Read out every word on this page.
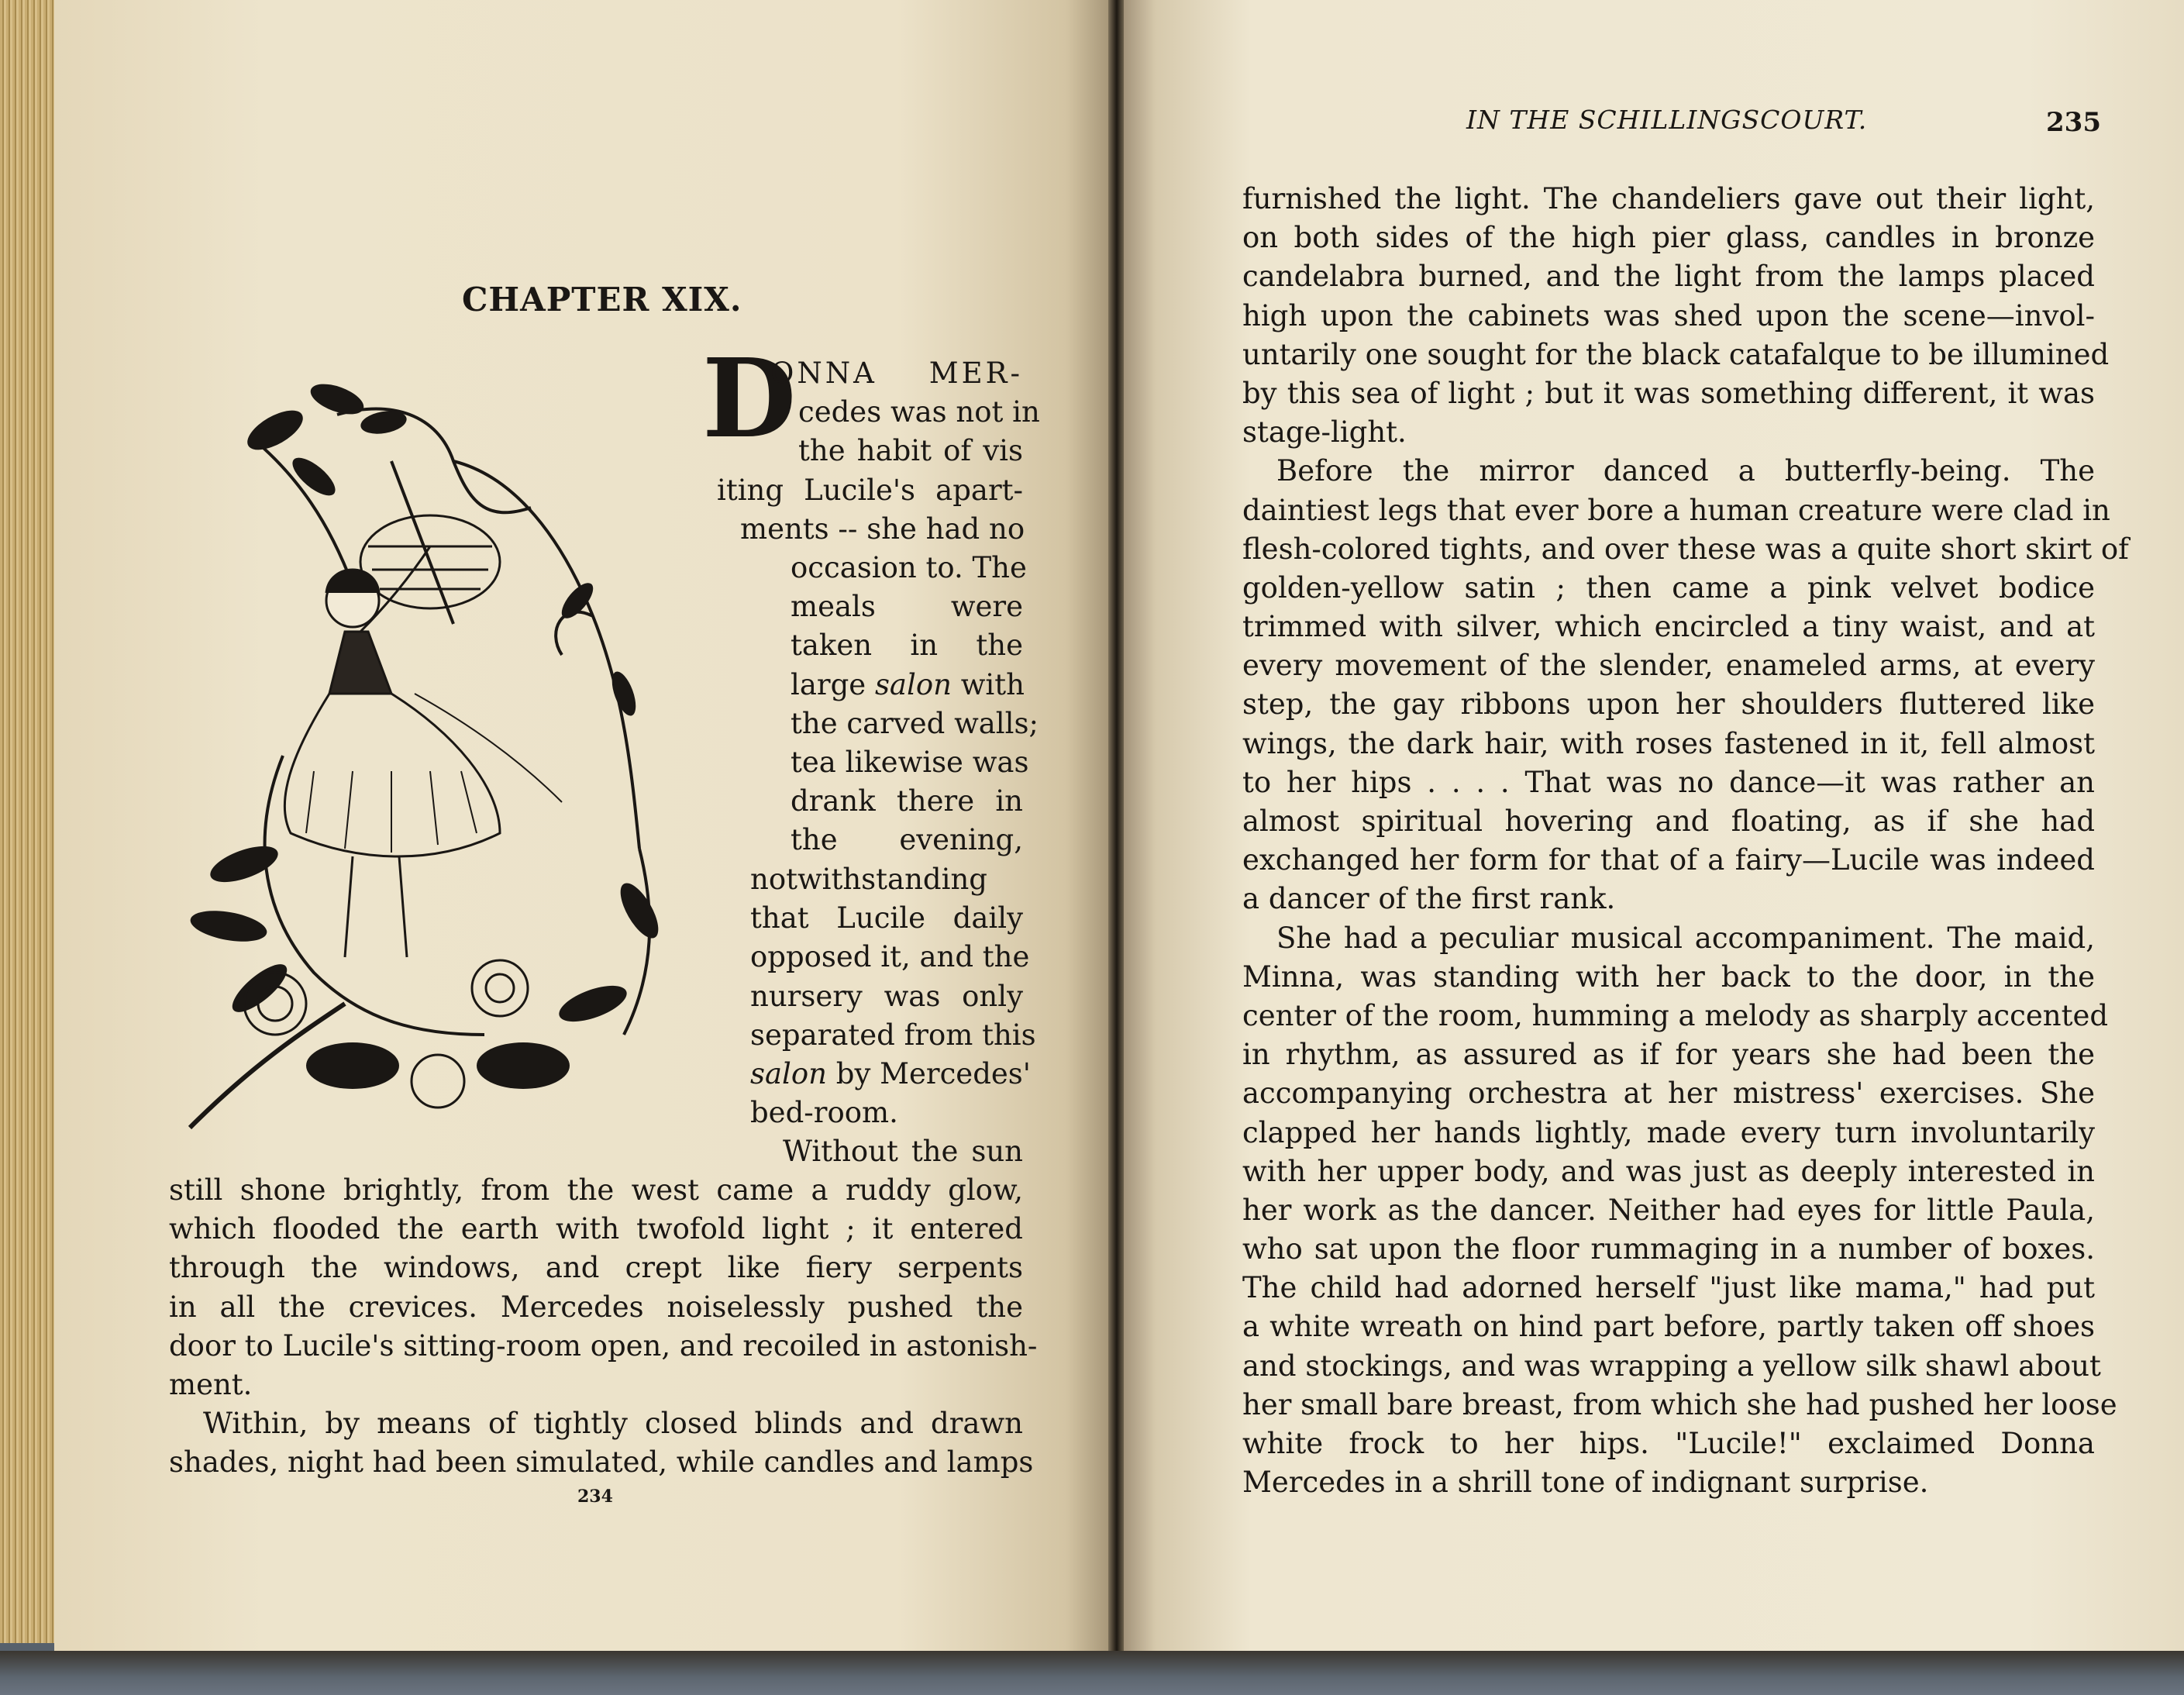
CHAPTER XIX.
D
ONNA MER-
cedes was not in
the habit of vis
iting Lucile's apart-
ments -- she had no
occasion to. The
meals were
taken in the
large salon with
the carved walls;
tea likewise was
drank there in
the evening,
notwithstanding
that Lucile daily
opposed it, and the
nursery was only
separated from this
salon by Mercedes'
bed-room.
Without the sun
still shone brightly, from the west came a ruddy glow,
which flooded the earth with twofold light ; it entered
through the windows, and crept like fiery serpents
in all the crevices. Mercedes noiselessly pushed the
door to Lucile's sitting-room open, and recoiled in astonish-
ment.
Within, by means of tightly closed blinds and drawn
shades, night had been simulated, while candles and lamps
234
IN THE SCHILLINGSCOURT.	235
furnished the light. The chandeliers gave out their light,
on both sides of the high pier glass, candles in bronze
candelabra burned, and the light from the lamps placed
high upon the cabinets was shed upon the scene—invol-
untarily one sought for the black catafalque to be illumined
by this sea of light ; but it was something different, it was
stage-light.
Before the mirror danced a butterfly-being. The
daintiest legs that ever bore a human creature were clad in
flesh-colored tights, and over these was a quite short skirt of
golden-yellow satin ; then came a pink velvet bodice
trimmed with silver, which encircled a tiny waist, and at
every movement of the slender, enameled arms, at every
step, the gay ribbons upon her shoulders fluttered like
wings, the dark hair, with roses fastened in it, fell almost
to her hips . . . . That was no dance—it was rather an
almost spiritual hovering and floating, as if she had
exchanged her form for that of a fairy—Lucile was indeed
a dancer of the first rank.
She had a peculiar musical accompaniment. The maid,
Minna, was standing with her back to the door, in the
center of the room, humming a melody as sharply accented
in rhythm, as assured as if for years she had been the
accompanying orchestra at her mistress' exercises. She
clapped her hands lightly, made every turn involuntarily
with her upper body, and was just as deeply interested in
her work as the dancer. Neither had eyes for little Paula,
who sat upon the floor rummaging in a number of boxes.
The child had adorned herself "just like mama," had put
a white wreath on hind part before, partly taken off shoes
and stockings, and was wrapping a yellow silk shawl about
her small bare breast, from which she had pushed her loose
white frock to her hips. "Lucile!" exclaimed Donna
Mercedes in a shrill tone of indignant surprise.
